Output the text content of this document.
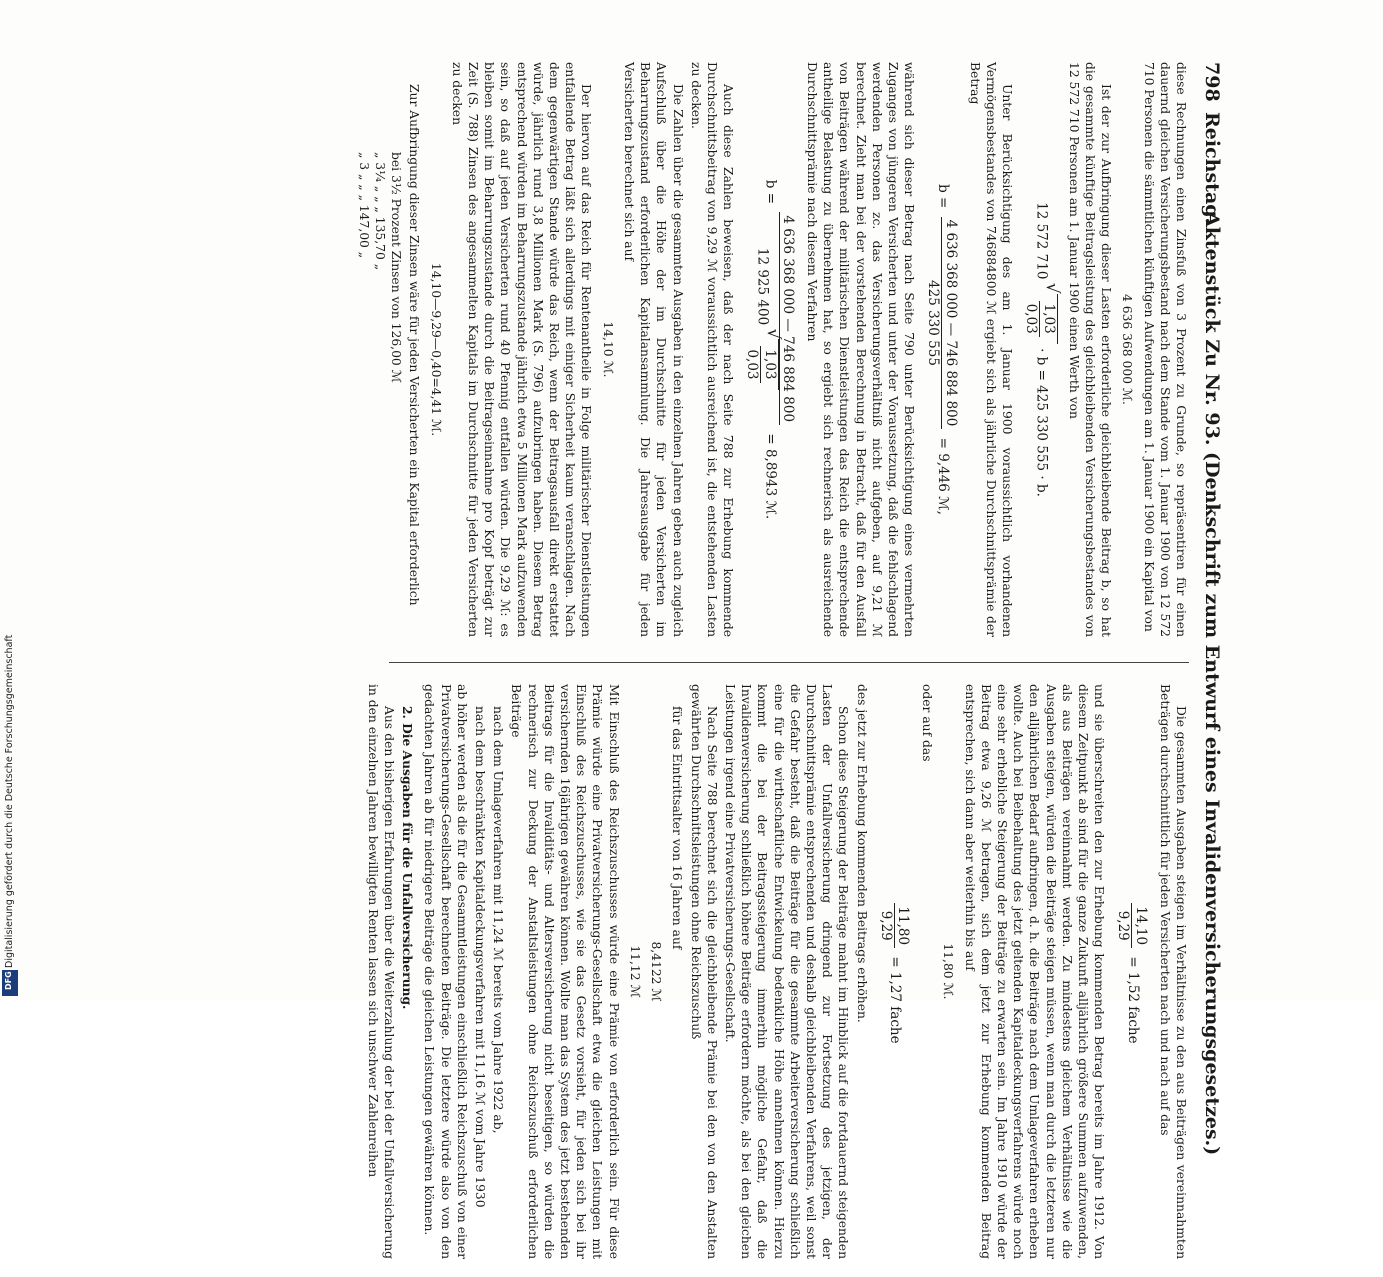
798
Reichstag.
Aktenstück Zu Nr. 93. (Denkschrift zum Entwurf eines Invalidenversicherungsgesetzes.)

diese Rechnungen einen Zinsfuß von 3 Prozent zu Grunde, so repräsentiren für einen dauernd gleichen Versicherungsbestand nach dem Stande vom 1. Januar 1900 von 12 572 710 Personen die sämmtlichen künftigen Aufwendungen am 1. Januar 1900 ein Kapital von

4 636 368 000 ℳ.

Ist der zur Aufbringung dieser Lasten erforderliche gleichbleibende Beitrag b, so hat die gesammte künftige Beitragsleistung des gleichbleibenden Versicherungsbestandes von 12 572 710 Personen am 1. Januar 1900 einen Werth von

12 572 710
√ 1,03
0,03
· b = 425 330 555 · b.

Unter Berücksichtigung des am 1. Januar 1900 voraussichtlich vorhandenen Vermögensbestandes von 746884800 ℳ ergiebt sich als jährliche Durchschnittsprämie der Betrag

b =
4 636 368 000 — 746 884 800
425 330 555
= 9,446 ℳ,

während sich dieser Betrag nach Seite 790 unter Berücksichtigung eines vermehrten Zuganges von jüngeren Versicherten und unter der Voraussetzung, daß die fehlschlagend werdenden Personen zc. das Versicherungsverhältniß nicht aufgeben, auf 9,21 ℳ berechnet. Zieht man bei der vorstehenden Berechnung in Betracht, daß für den Ausfall von Beiträgen während der militärischen Dienstleistungen das Reich die entsprechende antheilige Belastung zu übernehmen hat, so ergiebt sich rechnerisch als ausreichende Durchschnittsprämie nach diesem Verfahren

b =
4 636 368 000 — 746 884 800
12 925 400
√ 1,03
0,03
= 8,8943 ℳ.

Auch diese Zahlen beweisen, daß der nach Seite 788 zur Erhebung kommende Durchschnittsbeitrag von 9,29 ℳ voraussichtlich ausreichend ist, die entstehenden Lasten zu decken.

Die Zahlen über die gesammten Ausgaben in den einzelnen Jahren geben auch zugleich Aufschluß über die Höhe der im Durchschnitte für jeden Versicherten im Beharrungszustand erforderlichen Kapitalansammlung. Die Jahresausgabe für jeden Versicherten berechnet sich auf

14,10 ℳ.

Der hiervon auf das Reich für Rentenantheile in Folge militärischer Dienstleistungen entfallende Betrag läßt sich allerdings mit einiger Sicherheit kaum veranschlagen. Nach dem gegenwärtigen Stande würde das Reich, wenn der Beitragsausfall direkt erstattet würde, jährlich rund 3,8 Millionen Mark (S. 796) aufzubringen haben. Diesem Betrag entsprechend würden im Beharrungszustande jährlich etwa 5 Millionen Mark aufzuwenden sein, so daß auf jeden Versicherten rund 40 Pfennig entfallen würden. Die 9,29 ℳ: es bleiben somit im Beharrungszustande durch die Beitragseinnahme pro Kopf beträgt zur Zeit (S. 788) Zinsen des angesammelten Kapitals im Durchschnitte für jeden Versicherten zu decken

14,10—9,29—0,40=4,41 ℳ.

Zur Aufbringung dieser Zinsen wäre für jeden Versicherten ein Kapital erforderlich

bei 3½ Prozent Zinsen von 126,00 ℳ
„ 3¼ „ „ „ 135,70 „
„ 3 „ „ „ 147,00 „

Die gesammten Ausgaben steigen im Verhältnisse zu den aus Beiträgen vereinnahmten Beträgen durchschnittlich für jeden Versicherten nach und nach auf das

14,10
9,29
= 1,52 fache

und sie überschreiten den zur Erhebung kommenden Betrag bereits im Jahre 1912. Von diesem Zeitpunkt ab sind für die ganze Zukunft alljährlich größere Summen aufzuwenden, als aus Beiträgen vereinnahmt werden. Zu mindestens gleichem Verhältnisse wie die Ausgaben steigen, würden die Beiträge steigen müssen, wenn man durch die letzteren nur den alljährlichen Bedarf aufbringen, d. h. die Beiträge nach dem Umlageverfahren erheben wollte. Auch bei Beibehaltung des jetzt geltenden Kapitaldeckungsverfahrens würde noch eine sehr erhebliche Steigerung der Beiträge zu erwarten sein. Im Jahre 1910 würde der Beitrag etwa 9,26 ℳ betragen, sich dem jetzt zur Erhebung kommenden Beitrag entsprechen, sich dann aber weiterhin bis auf

11,80 ℳ.

oder auf das

11,80
9,29
= 1,27 fache

des jetzt zur Erhebung kommenden Beitrags erhöhen.

Schon diese Steigerung der Beiträge mahnt im Hinblick auf die fortdauernd steigenden Lasten der Unfallversicherung dringend zur Fortsetzung des jetzigen, der Durchschnittsprämie entsprechenden und deshalb gleichbleibenden Verfahrens, weil sonst die Gefahr besteht, daß die Beiträge für die gesammte Arbeiterversicherung schließlich eine für die wirthschaftliche Entwickelung bedenkliche Höhe annehmen können. Hierzu kommt die bei der Beitragssteigerung immerhin mögliche Gefahr, daß die Invalidenversicherung schließlich höhere Beiträge erfordern möchte, als bei den gleichen Leistungen irgend eine Privatversicherungs-Gesellschaft.

Nach Seite 788 berechnet sich die gleichbleibende Prämie bei den von den Anstalten gewährten Durchschnittsleistungen ohne Reichszuschuß

für das Eintrittsalter von 16 Jahren auf

8,4122 ℳ
11,12 ℳ

Mit Einschluß des Reichszuschusses würde eine Prämie von erforderlich sein. Für diese Prämie würde eine Privatversicherungs-Gesellschaft etwa die gleichen Leistungen mit Einschluß des Reichszuschusses, wie sie das Gesetz vorsieht, für jeden sich bei ihr versichernden 16jährigen gewähren können. Wollte man das System des jetzt bestehenden Beitrags für die Invaliditäts- und Altersversicherung nicht beseitigen, so würden die rechnerisch zur Deckung der Anstaltsleistungen ohne Reichszuschuß erforderlichen Beiträge

nach dem Umlageverfahren mit 11,24 ℳ bereits vom Jahre 1922 ab,

nach dem beschränkten Kapitaldeckungsverfahren mit 11,16 ℳ vom Jahre 1930

ab höher werden als die für die Gesammtleistungen einschließlich Reichszuschuß von einer Privatversicherungs-Gesellschaft berechneten Beiträge. Die letztere würde also von den gedachten Jahren ab für niedrigere Beiträge die gleichen Leistungen gewähren können.

2. Die Ausgaben für die Unfallversicherung.

Aus den bisherigen Erfahrungen über die Weiterzahlung der bei der Unfallversicherung in den einzelnen Jahren bewilligten Renten lassen sich unschwer Zahlenreihen

Digitalisierung gefördert durch die Deutsche Forschungsgemeinschaft
DFG
